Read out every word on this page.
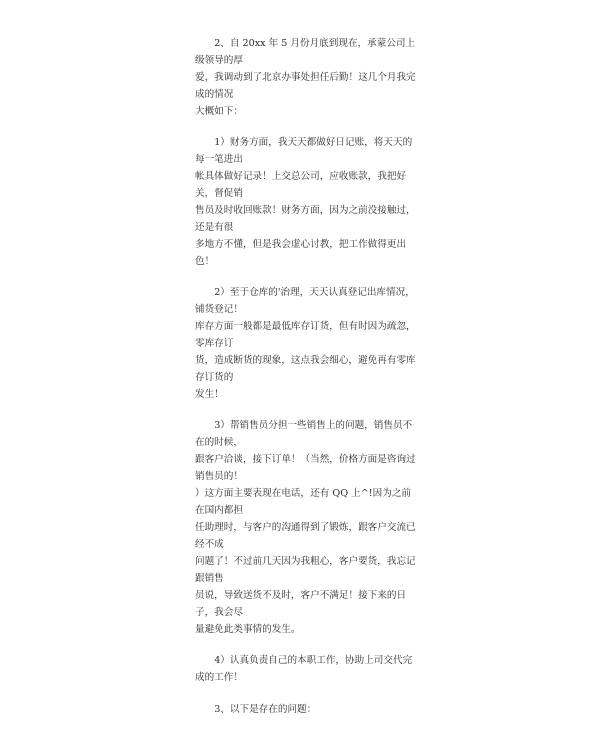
2、自 20xx 年 5 月份月底到现在，承蒙公司上级领导的厚
爱，我调动到了北京办事处担任后勤！这几个月我完成的情况
大概如下：

1）财务方面，我天天都做好日记账，将天天的每一笔进出
帐具体做好记录！上交总公司，应收账款，我把好关，督促销
售员及时收回账款！财务方面，因为之前没接触过，还是有很
多地方不懂，但是我会虚心讨教，把工作做得更出色！

2）至于仓库的'治理，天天认真登记出库情况，铺货登记！
库存方面一般都是最低库存订货，但有时因为疏忽，零库存订
货，造成断货的现象，这点我会细心，避免再有零库存订货的
发生！

3）帮销售员分担一些销售上的问题，销售员不在的时候，
跟客户洽谈，接下订单！（当然，价格方面是咨询过销售员的！
）这方面主要表现在电话，还有 QQ 上^!因为之前在国内都担
任助理时，与客户的沟通得到了锻炼，跟客户交流已经不成
问题了！不过前几天因为我粗心，客户要货，我忘记跟销售
员说，导致送货不及时，客户不满足！接下来的日子，我会尽
量避免此类事情的发生。

4）认真负责自己的本职工作，协助上司交代完成的工作！

3、以下是存在的问题：
